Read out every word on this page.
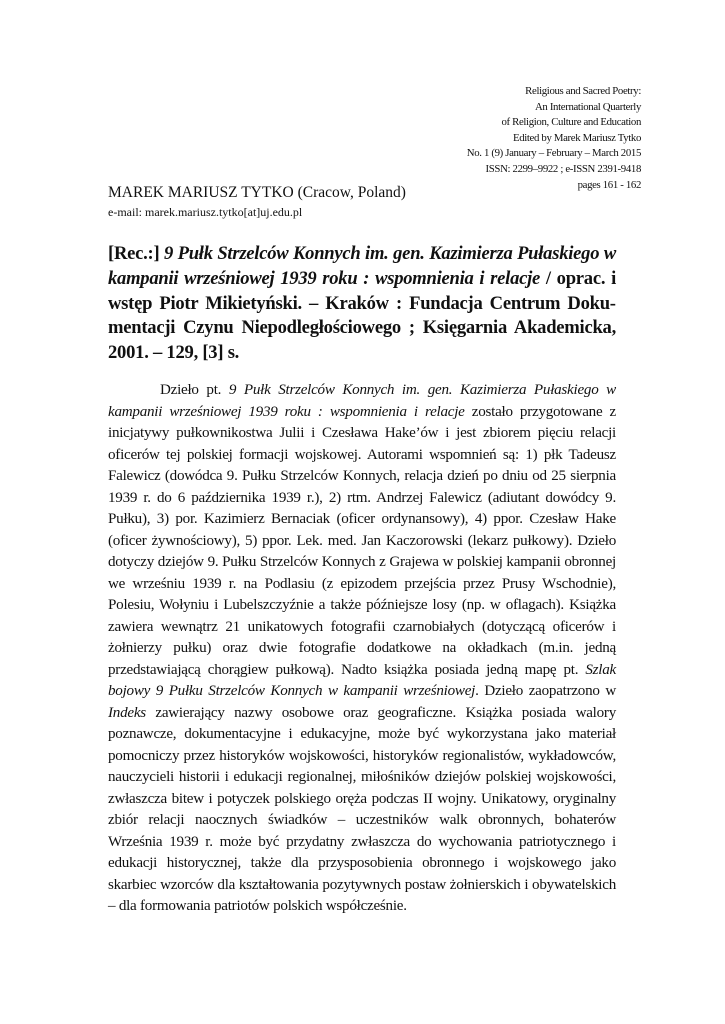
Religious and Sacred Poetry:
An International Quarterly
of Religion, Culture and Education
Edited by Marek Mariusz Tytko
No. 1 (9) January – February – March 2015
ISSN: 2299–9922 ; e-ISSN 2391-9418
pages 161 - 162
MAREK MARIUSZ TYTKO (Cracow, Poland)
e-mail: marek.mariusz.tytko[at]uj.edu.pl
[Rec.:] 9 Pułk Strzelców Konnych im. gen. Kazimierza Pułaskiego w kampanii wrześniowej 1939 roku : wspomnienia i relacje / oprac. i wstęp Piotr Mikietyński. – Kraków : Fundacja Centrum Dokumentacji Czynu Niepodległościowego ; Księgarnia Akademicka, 2001. – 129, [3] s.
Dzieło pt. 9 Pułk Strzelców Konnych im. gen. Kazimierza Pułaskiego w kampanii wrześniowej 1939 roku : wspomnienia i relacje zostało przygotowane z inicjatywy pułkownikostwa Julii i Czesława Hake’ów i jest zbiorem pięciu relacji oficerów tej polskiej formacji wojskowej. Autorami wspomnień są: 1) płk Tadeusz Falewicz (dowódca 9. Pułku Strzelców Konnych, relacja dzień po dniu od 25 sierpnia 1939 r. do 6 października 1939 r.), 2) rtm. Andrzej Falewicz (adiutant dowódcy 9. Pułku), 3) por. Kazimierz Bernaciak (oficer ordynansowy), 4) ppor. Czesław Hake (oficer żywnościowy), 5) ppor. Lek. med. Jan Kaczorowski (lekarz pułkowy). Dzieło dotyczy dziejów 9. Pułku Strzelców Konnych z Grajewa w polskiej kampanii obronnej we wrześniu 1939 r. na Podlasiu (z epizodem przejścia przez Prusy Wschodnie), Polesiu, Wołyniu i Lubelszczyźnie a także późniejsze losy (np. w oflagach). Książka zawiera wewnątrz 21 unikatowych fotografii czarnobiałych (dotyczącą oficerów i żołnierzy pułku) oraz dwie fotografie dodatkowe na okładkach (m.in. jedną przedstawiającą chorągiew pułkową). Nadto książka posiada jedną mapę pt. Szlak bojowy 9 Pułku Strzelców Konnych w kampanii wrześniowej. Dzieło zaopatrzono w Indeks zawierający nazwy osobowe oraz geograficzne. Książka posiada walory poznawcze, dokumentacyjne i edukacyjne, może być wykorzystana jako materiał pomocniczy przez historyków wojskowości, historyków regionalistów, wykładowców, nauczycieli historii i edukacji regionalnej, miłośników dziejów polskiej wojskowości, zwłaszcza bitew i potyczek polskiego oręża podczas II wojny. Unikatowy, oryginalny zbiór relacji naocznych świadków – uczestników walk obronnych, bohaterów Września 1939 r. może być przydatny zwłaszcza do wychowania patriotycznego i edukacji historycznej, także dla przysposobienia obronnego i wojskowego jako skarbiec wzorców dla kształtowania pozytywnych postaw żołnierskich i obywatelskich – dla formowania patriotów polskich współcześnie.
